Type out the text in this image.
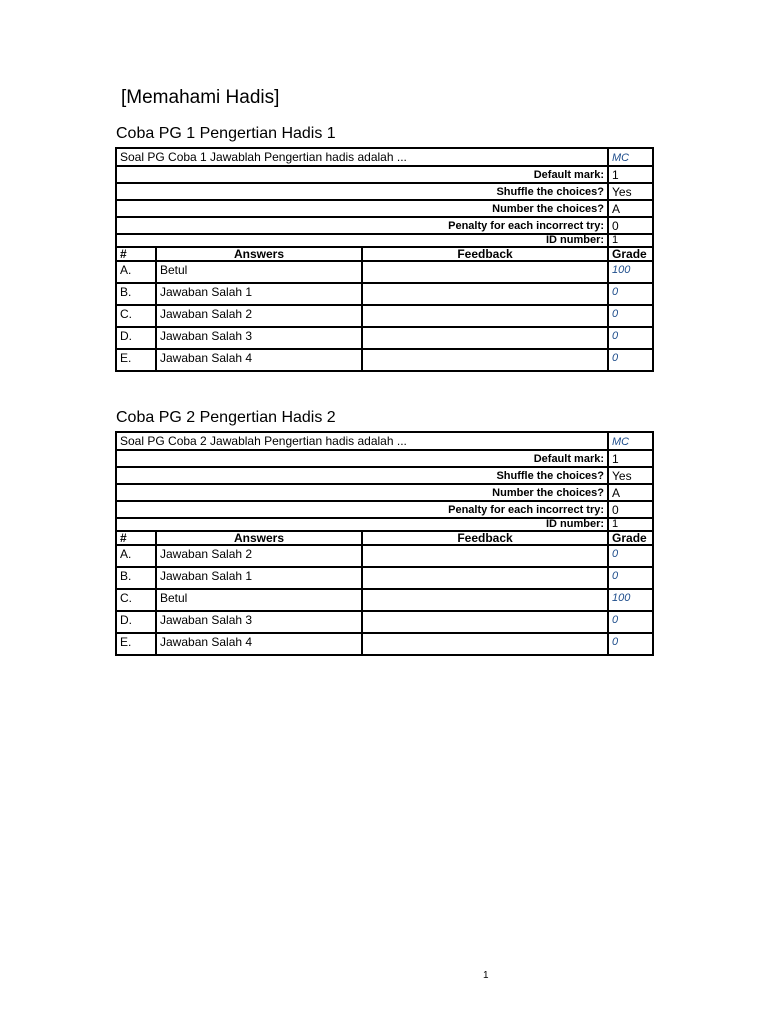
[Memahami Hadis]
Coba PG 1 Pengertian Hadis 1
Soal PG Coba 1 Jawablah Pengertian hadis adalah ...			MC
Default mark:			1
Shuffle the choices?			Yes
Number the choices?			A
Penalty for each incorrect try:			0
ID number:			1
#	Answers	Feedback	Grade
A.	Betul		100
B.	Jawaban Salah 1		0
C.	Jawaban Salah 2		0
D.	Jawaban Salah 3		0
E.	Jawaban Salah 4		0
Coba PG 2 Pengertian Hadis 2
Soal PG Coba 2 Jawablah Pengertian hadis adalah ...			MC
Default mark:			1
Shuffle the choices?			Yes
Number the choices?			A
Penalty for each incorrect try:			0
ID number:			1
#	Answers	Feedback	Grade
A.	Jawaban Salah 2		0
B.	Jawaban Salah 1		0
C.	Betul		100
D.	Jawaban Salah 3		0
E.	Jawaban Salah 4		0
1
